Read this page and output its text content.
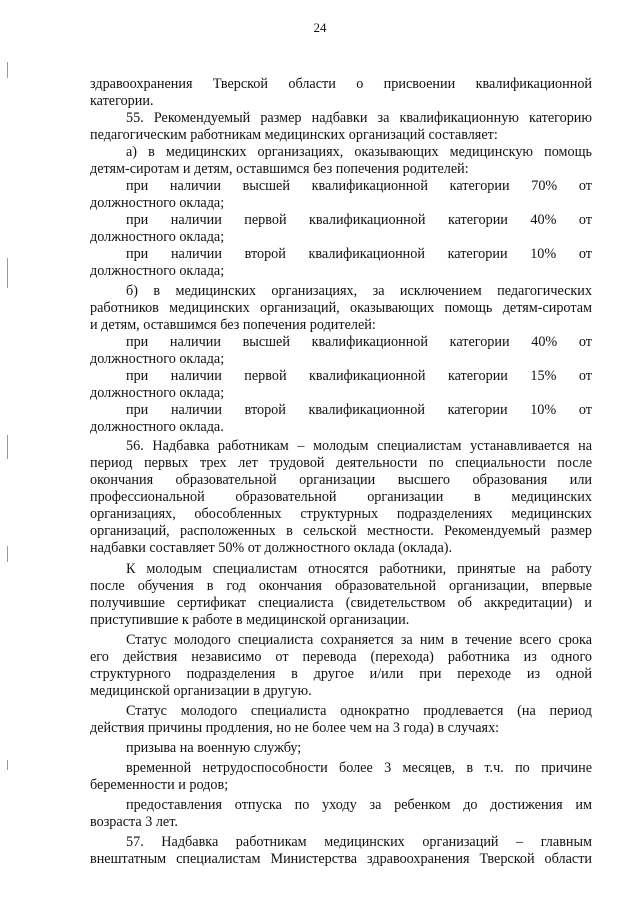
24

здравоохранения Тверской области о присвоении квалификационной
категории.

55. Рекомендуемый размер надбавки за квалификационную категорию
педагогическим работникам медицинских организаций составляет:

а) в медицинских организациях, оказывающих медицинскую помощь
детям-сиротам и детям, оставшимся без попечения родителей:

при наличии высшей квалификационной категории 70% от
должностного оклада;

при наличии первой квалификационной категории 40% от
должностного оклада;

при наличии второй квалификационной категории 10% от
должностного оклада;

б) в медицинских организациях, за исключением педагогических
работников медицинских организаций, оказывающих помощь детям-сиротам
и детям, оставшимся без попечения родителей:

при наличии высшей квалификационной категории 40% от
должностного оклада;

при наличии первой квалификационной категории 15% от
должностного оклада;

при наличии второй квалификационной категории 10% от
должностного оклада.

56. Надбавка работникам – молодым специалистам устанавливается на
период первых трех лет трудовой деятельности по специальности после
окончания образовательной организации высшего образования или
профессиональной образовательной организации в медицинских
организациях, обособленных структурных подразделениях медицинских
организаций, расположенных в сельской местности. Рекомендуемый размер
надбавки составляет 50% от должностного оклада (оклада).

К молодым специалистам относятся работники, принятые на работу
после обучения в год окончания образовательной организации, впервые
получившие сертификат специалиста (свидетельством об аккредитации) и
приступившие к работе в медицинской организации.

Статус молодого специалиста сохраняется за ним в течение всего срока
его действия независимо от перевода (перехода) работника из одного
структурного подразделения в другое и/или при переходе из одной
медицинской организации в другую.

Статус молодого специалиста однократно продлевается (на период
действия причины продления, но не более чем на 3 года) в случаях:

призыва на военную службу;

временной нетрудоспособности более 3 месяцев, в т.ч. по причине
беременности и родов;

предоставления отпуска по уходу за ребенком до достижения им
возраста 3 лет.

57. Надбавка работникам медицинских организаций – главным
внештатным специалистам Министерства здравоохранения Тверской области
